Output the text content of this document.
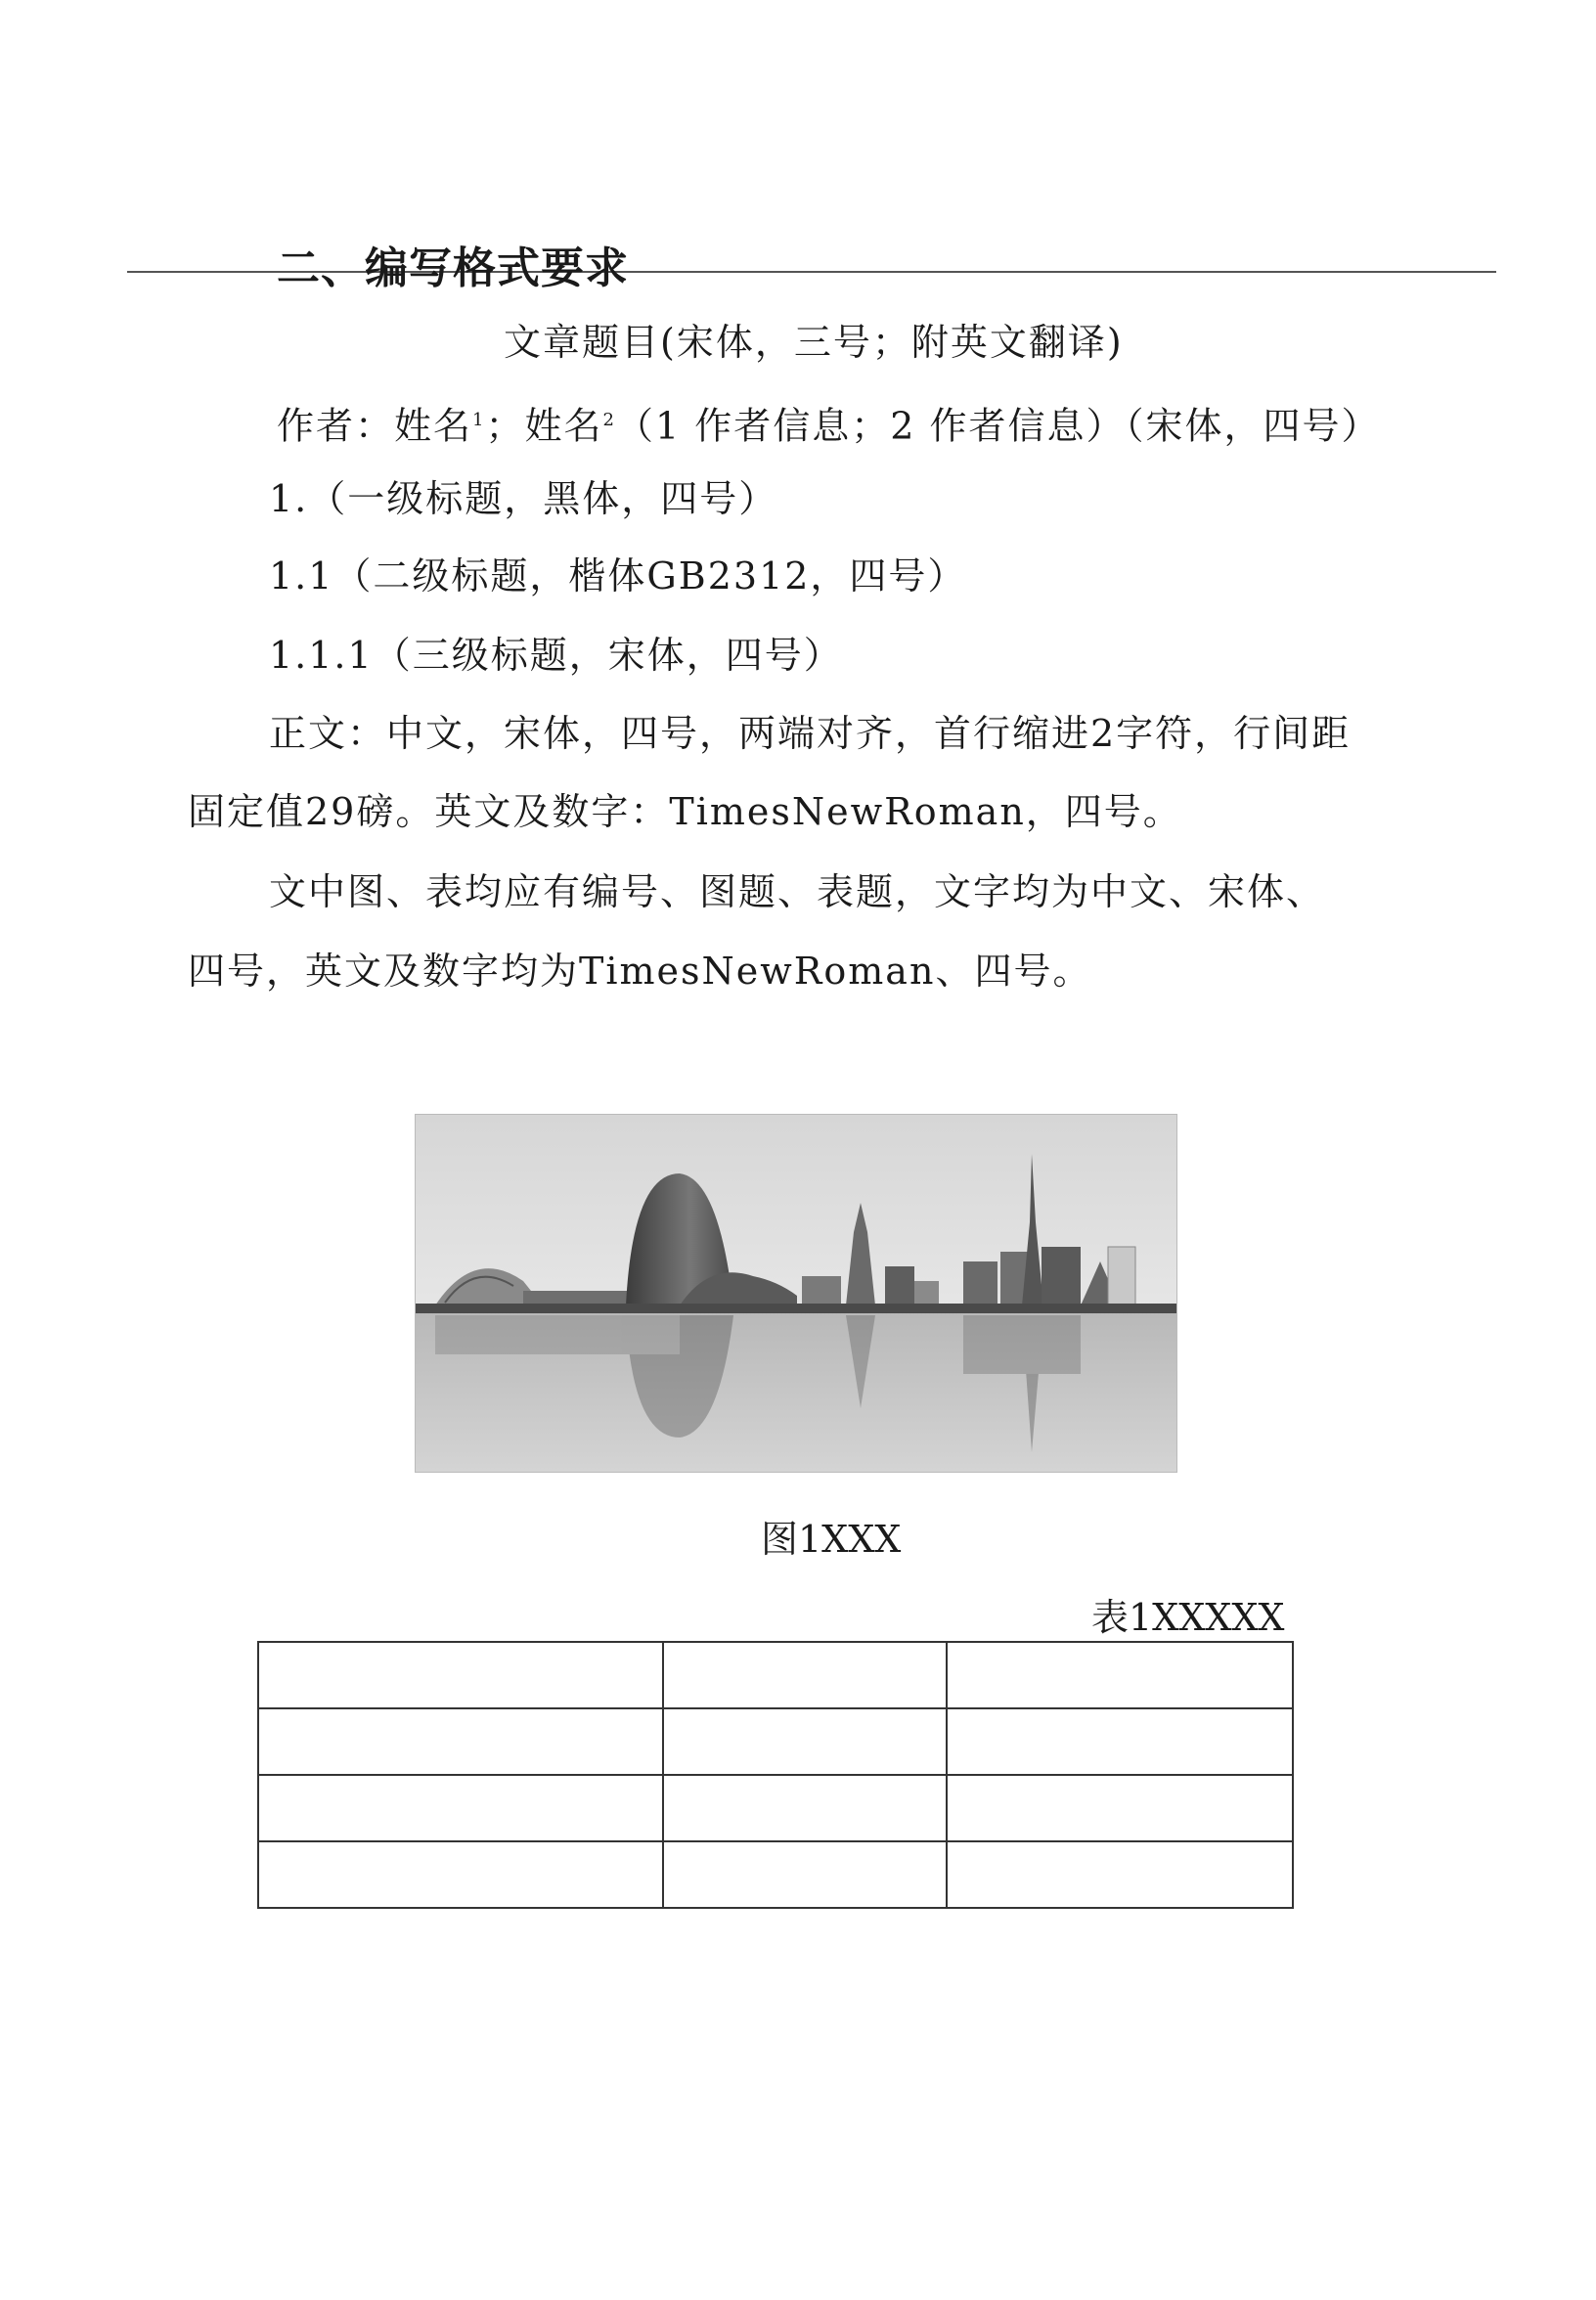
二、编写格式要求
文章题目(宋体，三号；附英文翻译)
作者：姓名$^1$；姓名$^2$（1 作者信息；2 作者信息）（宋体，四号）
1.（一级标题，黑体，四号）
1.1（二级标题，楷体GB2312，四号）
1.1.1（三级标题，宋体，四号）
正文：中文，宋体，四号，两端对齐，首行缩进2字符，行间距
固定值29磅。英文及数字：TimesNewRoman，四号。
文中图、表均应有编号、图题、表题，文字均为中文、宋体、
四号，英文及数字均为TimesNewRoman、四号。
图1XXX
表1XXXXX
